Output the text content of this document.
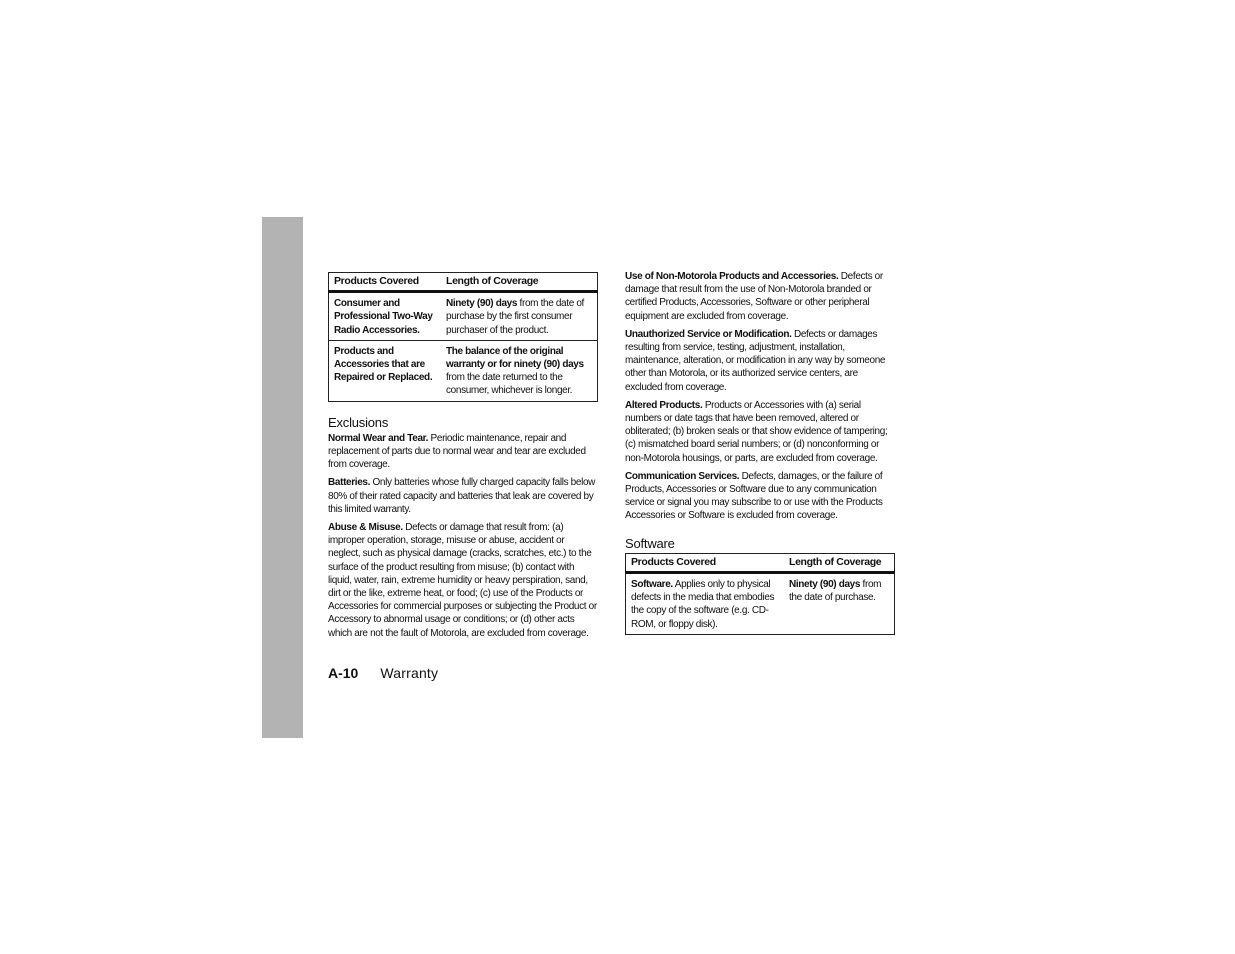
Products Covered	Length of Coverage
Consumer and Professional Two-Way Radio Accessories.	Ninety (90) days from the date of purchase by the first consumer purchaser of the product.
Products and Accessories that are Repaired or Replaced.	The balance of the original warranty or for ninety (90) days from the date returned to the consumer, whichever is longer.
Exclusions

Normal Wear and Tear. Periodic maintenance, repair and replacement of parts due to normal wear and tear are excluded from coverage.

Batteries. Only batteries whose fully charged capacity falls below 80% of their rated capacity and batteries that leak are covered by this limited warranty.

Abuse & Misuse. Defects or damage that result from: (a) improper operation, storage, misuse or abuse, accident or neglect, such as physical damage (cracks, scratches, etc.) to the surface of the product resulting from misuse; (b) contact with liquid, water, rain, extreme humidity or heavy perspiration, sand, dirt or the like, extreme heat, or food; (c) use of the Products or Accessories for commercial purposes or subjecting the Product or Accessory to abnormal usage or conditions; or (d) other acts which are not the fault of Motorola, are excluded from coverage.

Use of Non-Motorola Products and Accessories. Defects or damage that result from the use of Non-Motorola branded or certified Products, Accessories, Software or other peripheral equipment are excluded from coverage.

Unauthorized Service or Modification. Defects or damages resulting from service, testing, adjustment, installation, maintenance, alteration, or modification in any way by someone other than Motorola, or its authorized service centers, are excluded from coverage.

Altered Products. Products or Accessories with (a) serial numbers or date tags that have been removed, altered or obliterated; (b) broken seals or that show evidence of tampering; (c) mismatched board serial numbers; or (d) nonconforming or non-Motorola housings, or parts, are excluded from coverage.

Communication Services. Defects, damages, or the failure of Products, Accessories or Software due to any communication service or signal you may subscribe to or use with the Products Accessories or Software is excluded from coverage.

Software
Products Covered	Length of Coverage
Software. Applies only to physical defects in the media that embodies the copy of the software (e.g. CD-ROM, or floppy disk).	Ninety (90) days from the date of purchase.
A-10 Warranty
